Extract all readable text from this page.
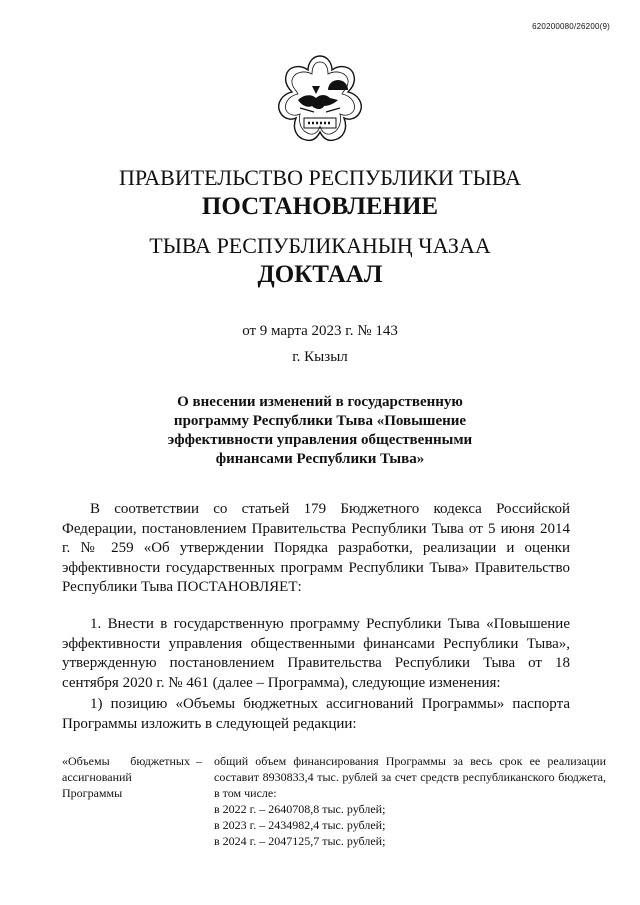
620200080/26200(9)
ПРАВИТЕЛЬСТВО РЕСПУБЛИКИ ТЫВА
ПОСТАНОВЛЕНИЕ
ТЫВА РЕСПУБЛИКАНЫҢ ЧАЗАА
ДОКТААЛ
от 9 марта 2023 г. № 143
г. Кызыл
О внесении изменений в государственную программу Республики Тыва «Повышение эффективности управления общественными финансами Республики Тыва»
В соответствии со статьей 179 Бюджетного кодекса Российской Федерации, постановлением Правительства Республики Тыва от 5 июня 2014 г. № 259 «Об утверждении Порядка разработки, реализации и оценки эффективности государственных программ Республики Тыва» Правительство Республики Тыва ПОСТАНОВЛЯЕТ:
1. Внести в государственную программу Республики Тыва «Повышение эффективности управления общественными финансами Республики Тыва», утвержденную постановлением Правительства Республики Тыва от 18 сентября 2020 г. № 461 (далее – Программа), следующие изменения:
1) позицию «Объемы бюджетных ассигнований Программы» паспорта Программы изложить в следующей редакции:
«Объемы бюджетных ассигнований Программы
–	общий объем финансирования Программы за весь срок ее реализации составит 8930833,4 тыс. рублей за счет средств республиканского бюджета, в том числе:
в 2022 г. – 2640708,8 тыс. рублей;
в 2023 г. – 2434982,4 тыс. рублей;
в 2024 г. – 2047125,7 тыс. рублей;
